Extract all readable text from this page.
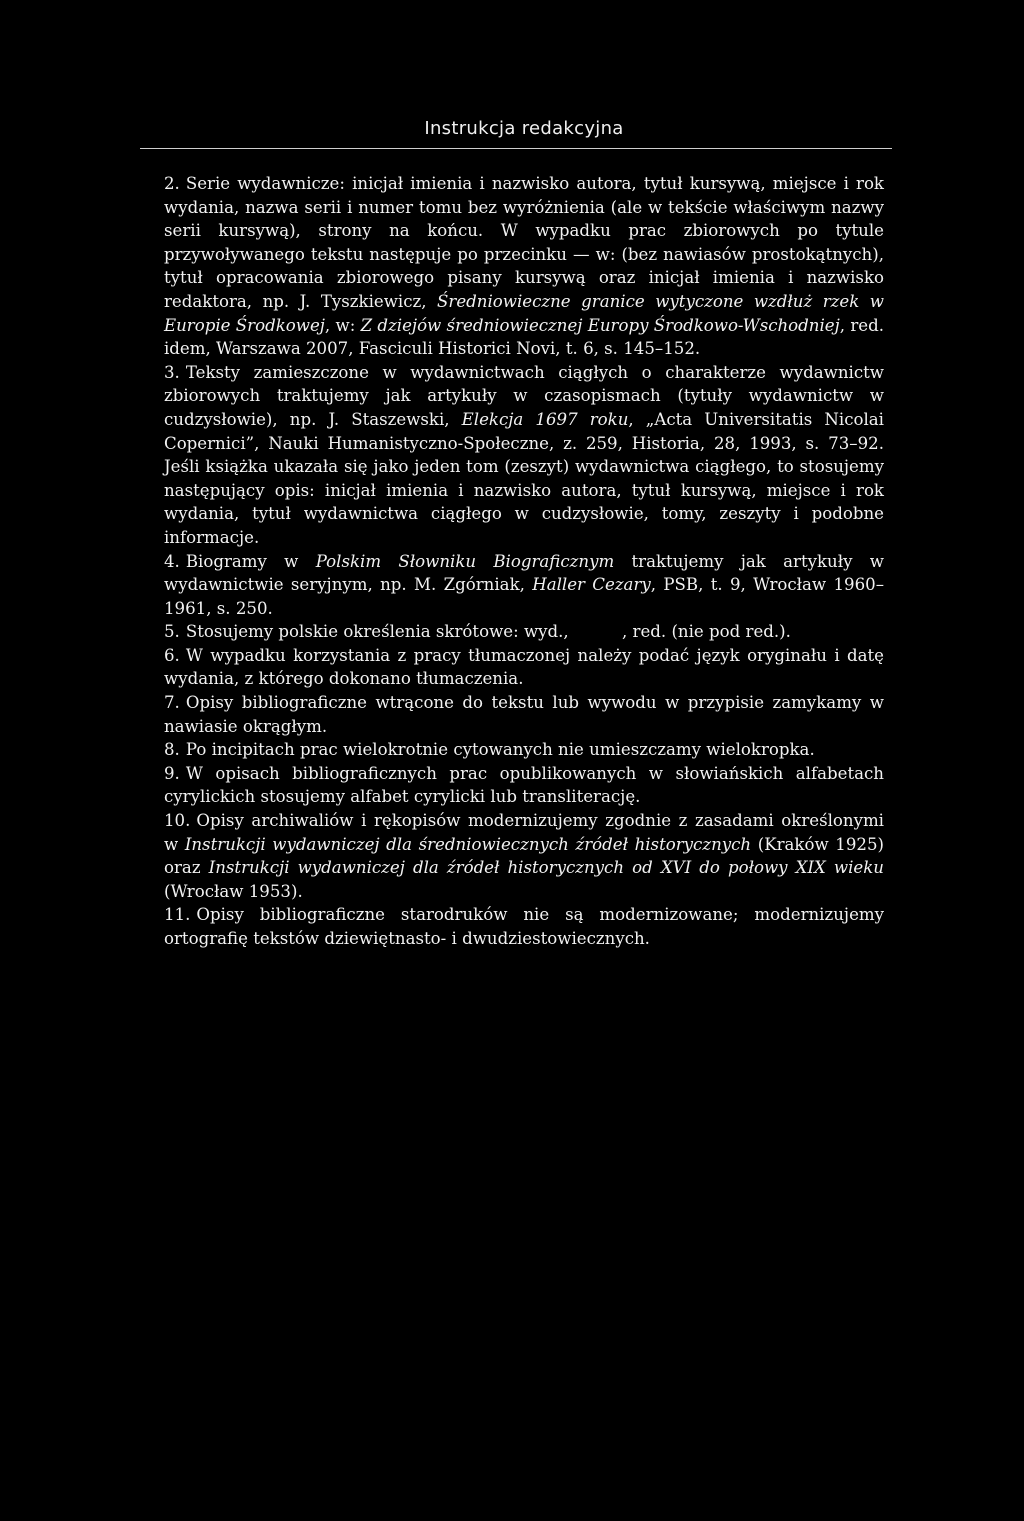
Instrukcja redakcyjna

2. Serie wydawnicze: inicjał imienia i nazwisko autora, tytuł kursywą, miejsce i rok wydania, nazwa serii i numer tomu bez wyróżnienia (ale w tekście właściwym nazwy serii kursywą), strony na końcu. W wypadku prac zbiorowych po tytule przywoływanego tekstu następuje po przecinku — w: (bez nawiasów prostokątnych), tytuł opracowania zbiorowego pisany kursywą oraz inicjał imienia i nazwisko redaktora, np. J. Tyszkiewicz, Średniowieczne granice wytyczone wzdłuż rzek w Europie Środkowej, w: Z dziejów średniowiecznej Europy Środkowo-Wschodniej, red. idem, Warszawa 2007, Fasciculi Historici Novi, t. 6, s. 145–152.

3. Teksty zamieszczone w wydawnictwach ciągłych o charakterze wydawnictw zbiorowych traktujemy jak artykuły w czasopismach (tytuły wydawnictw w cudzysłowie), np. J. Staszewski, Elekcja 1697 roku, „Acta Universitatis Nicolai Copernici”, Nauki Humanistyczno-Społeczne, z. 259, Historia, 28, 1993, s. 73–92. Jeśli książka ukazała się jako jeden tom (zeszyt) wydawnictwa ciągłego, to stosujemy następujący opis: inicjał imienia i nazwisko autora, tytuł kursywą, miejsce i rok wydania, tytuł wydawnictwa ciągłego w cudzysłowie, tomy, zeszyty i podobne informacje.

4. Biogramy w Polskim Słowniku Biograficznym traktujemy jak artykuły w wydawnictwie seryjnym, np. M. Zgórniak, Haller Cezary, PSB, t. 9, Wrocław 1960–1961, s. 250.

5. Stosujemy polskie określenia skrótowe: wyd.,	, red. (nie pod red.).

6. W wypadku korzystania z pracy tłumaczonej należy podać język oryginału i datę wydania, z którego dokonano tłumaczenia.

7. Opisy bibliograficzne wtrącone do tekstu lub wywodu w przypisie zamykamy w nawiasie okrągłym.

8. Po incipitach prac wielokrotnie cytowanych nie umieszczamy wielokropka.

9. W opisach bibliograficznych prac opublikowanych w słowiańskich alfabetach cyrylickich stosujemy alfabet cyrylicki lub transliterację.

10. Opisy archiwaliów i rękopisów modernizujemy zgodnie z zasadami określonymi w Instrukcji wydawniczej dla średniowiecznych źródeł historycznych (Kraków 1925) oraz Instrukcji wydawniczej dla źródeł historycznych od XVI do połowy XIX wieku (Wrocław 1953).

11. Opisy bibliograficzne starodruków nie są modernizowane; modernizujemy ortografię tekstów dziewiętnasto- i dwudziestowiecznych.
